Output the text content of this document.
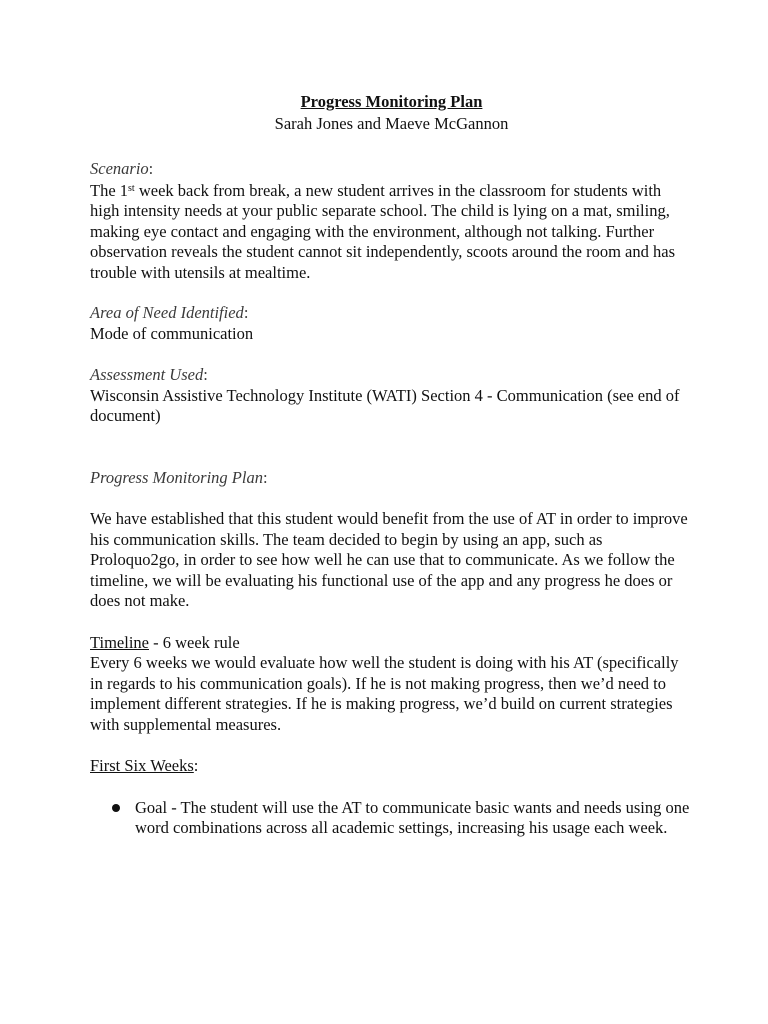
Progress Monitoring Plan

Sarah Jones and Maeve McGannon

Scenario:

The 1st week back from break, a new student arrives in the classroom for students with high intensity needs at your public separate school. The child is lying on a mat, smiling, making eye contact and engaging with the environment, although not talking. Further observation reveals the student cannot sit independently, scoots around the room and has trouble with utensils at mealtime.

Area of Need Identified:

Mode of communication

Assessment Used:

Wisconsin Assistive Technology Institute (WATI) Section 4 - Communication (see end of document)

Progress Monitoring Plan:

We have established that this student would benefit from the use of AT in order to improve his communication skills. The team decided to begin by using an app, such as Proloquo2go, in order to see how well he can use that to communicate. As we follow the timeline, we will be evaluating his functional use of the app and any progress he does or does not make.

Timeline - 6 week rule

Every 6 weeks we would evaluate how well the student is doing with his AT (specifically in regards to his communication goals). If he is not making progress, then we’d need to implement different strategies. If he is making progress, we’d build on current strategies with supplemental measures.

First Six Weeks:

Goal - The student will use the AT to communicate basic wants and needs using one word combinations across all academic settings, increasing his usage each week.
